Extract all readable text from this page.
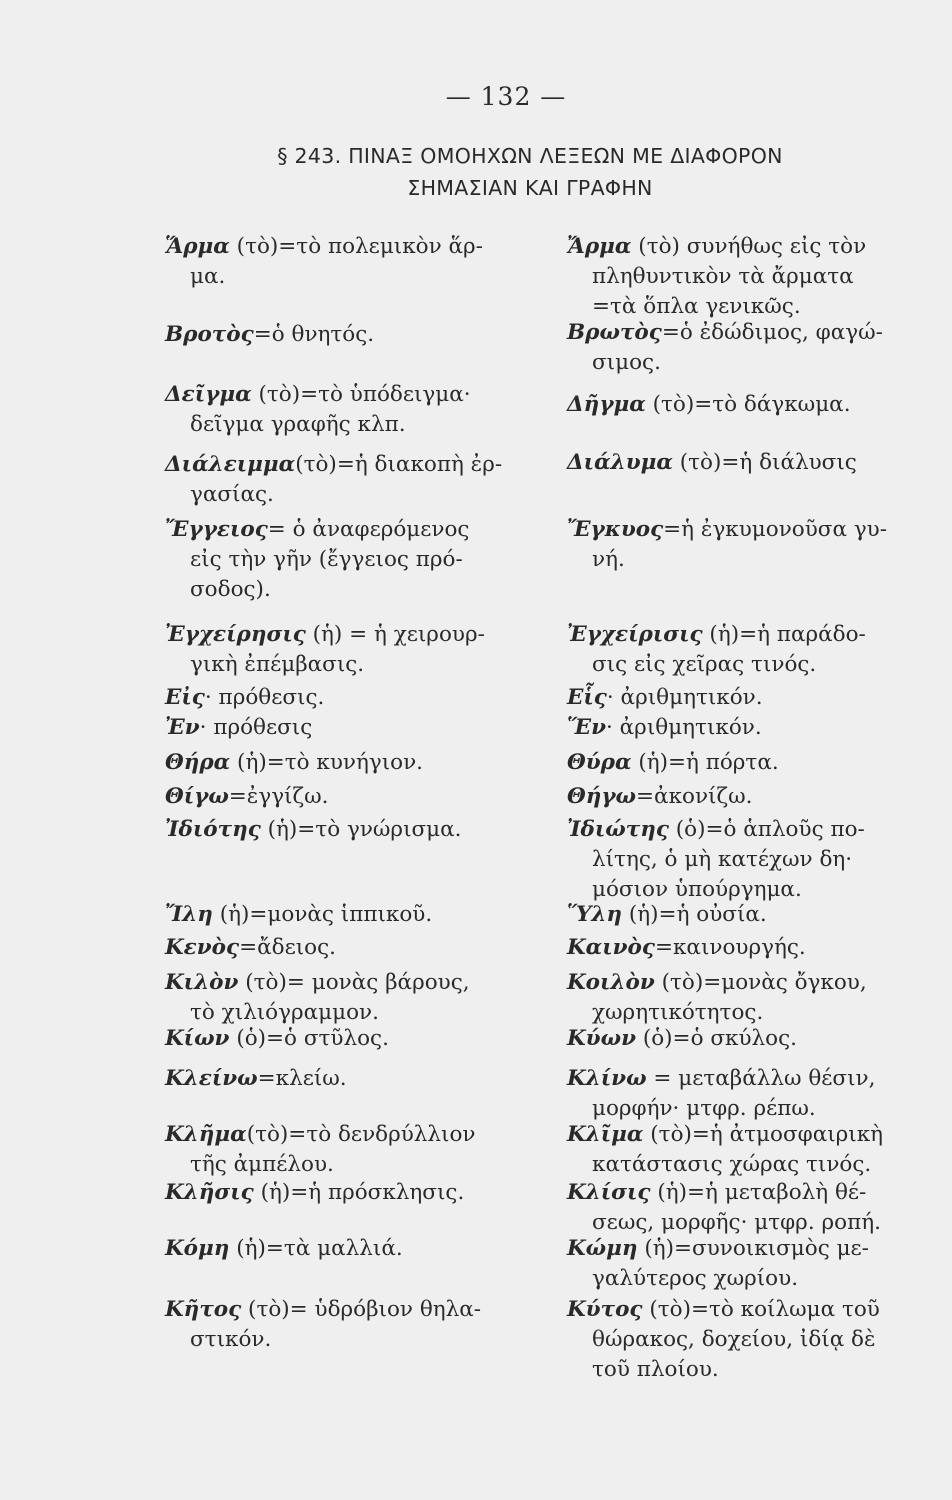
— 132 —
§ 243. ΠΙΝΑΞ ΟΜΟΗΧΩΝ ΛΕΞΕΩΝ ΜΕ ΔΙΑΦΟΡΟΝ
ΣΗΜΑΣΙΑΝ ΚΑΙ ΓΡΑΦΗΝ
Ἅρμα (τὸ)=τὸ πολεμικὸν ἅρ-
μα.
Βροτὸς=ὁ θνητός.
Δεῖγμα (τὸ)=τὸ ὑπόδειγμα·
δεῖγμα γραφῆς κλπ.
Διάλειμμα(τὸ)=ἡ διακοπὴ ἐρ-
γασίας.
Ἔγγειος= ὁ ἀναφερόμενος
εἰς τὴν γῆν (ἔγγειος πρό-
σοδος).
Ἐγχείρησις (ἡ) = ἡ χειρουρ-
γικὴ ἐπέμβασις.
Εἰς· πρόθεσις.
Ἐν· πρόθεσις
Θήρα (ἡ)=τὸ κυνήγιον.
Θίγω=ἐγγίζω.
Ἰδιότης (ἡ)=τὸ γνώρισμα.
Ἴλη (ἡ)=μονὰς ἱππικοῦ.
Κενὸς=ἄδειος.
Κιλὸν (τὸ)= μονὰς βάρους,
τὸ χιλιόγραμμον.
Κίων (ὁ)=ὁ στῦλος.
Κλείνω=κλείω.
Κλῆμα(τὸ)=τὸ δενδρύλλιον
τῆς ἀμπέλου.
Κλῆσις (ἡ)=ἡ πρόσκλησις.
Κόμη (ἡ)=τὰ μαλλιά.
Κῆτος (τὸ)= ὑδρόβιον θηλα-
στικόν.
Ἄρμα (τὸ) συνήθως εἰς τὸν
πληθυντικὸν τὰ ἄρματα
=τὰ ὅπλα γενικῶς.
Βρωτὸς=ὁ ἐδώδιμος, φαγώ-
σιμος.
Δῆγμα (τὸ)=τὸ δάγκωμα.
Διάλυμα (τὸ)=ἡ διάλυσις
Ἔγκυος=ἡ ἐγκυμονοῦσα γυ-
νή.
Ἐγχείρισις (ἡ)=ἡ παράδο-
σις εἰς χεῖρας τινός.
Εἷς· ἀριθμητικόν.
Ἕν· ἀριθμητικόν.
Θύρα (ἡ)=ἡ πόρτα.
Θήγω=ἀκονίζω.
Ἰδιώτης (ὁ)=ὁ ἁπλοῦς πο-
λίτης, ὁ μὴ κατέχων δη·
μόσιον ὑπούργημα.
Ὕλη (ἡ)=ἡ οὐσία.
Καινὸς=καινουργής.
Κοιλὸν (τὸ)=μονὰς ὄγκου,
χωρητικότητος.
Κύων (ὁ)=ὁ σκύλος.
Κλίνω = μεταβάλλω θέσιν,
μορφήν· μτφρ. ρέπω.
Κλῖμα (τὸ)=ἡ ἀτμοσφαιρικὴ
κατάστασις χώρας τινός.
Κλίσις (ἡ)=ἡ μεταβολὴ θέ-
σεως, μορφῆς· μτφρ. ροπή.
Κώμη (ἡ)=συνοικισμὸς με-
γαλύτερος χωρίου.
Κύτος (τὸ)=τὸ κοίλωμα τοῦ
θώρακος, δοχείου, ἰδίᾳ δὲ
τοῦ πλοίου.
